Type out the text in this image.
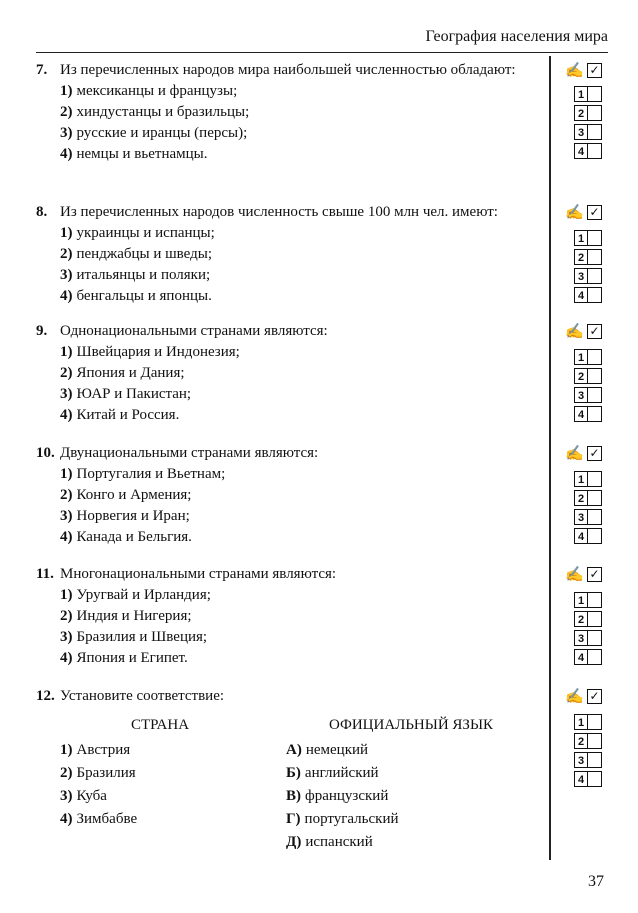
География населения мира
7. Из перечисленных народов мира наибольшей численностью обладают:
1) мексиканцы и французы;
2) хиндустанцы и бразильцы;
3) русские и иранцы (персы);
4) немцы и вьетнамцы.
✍ ✓
1
2
3
4
8. Из перечисленных народов численность свыше 100 млн чел. имеют:
1) украинцы и испанцы;
2) пенджабцы и шведы;
3) итальянцы и поляки;
4) бенгальцы и японцы.
✍ ✓
1
2
3
4
9. Однонациональными странами являются:
1) Швейцария и Индонезия;
2) Япония и Дания;
3) ЮАР и Пакистан;
4) Китай и Россия.
✍ ✓
1
2
3
4
10. Двунациональными странами являются:
1) Португалия и Вьетнам;
2) Конго и Армения;
3) Норвегия и Иран;
4) Канада и Бельгия.
✍ ✓
1
2
3
4
11. Многонациональными странами являются:
1) Уругвай и Ирландия;
2) Индия и Нигерия;
3) Бразилия и Швеция;
4) Япония и Египет.
✍ ✓
1
2
3
4
12. Установите соответствие:
СТРАНА
1) Австрия
2) Бразилия
3) Куба
4) Зимбабве
ОФИЦИАЛЬНЫЙ ЯЗЫК
А) немецкий
Б) английский
В) французский
Г) португальский
Д) испанский
✍ ✓
1
2
3
4
37
